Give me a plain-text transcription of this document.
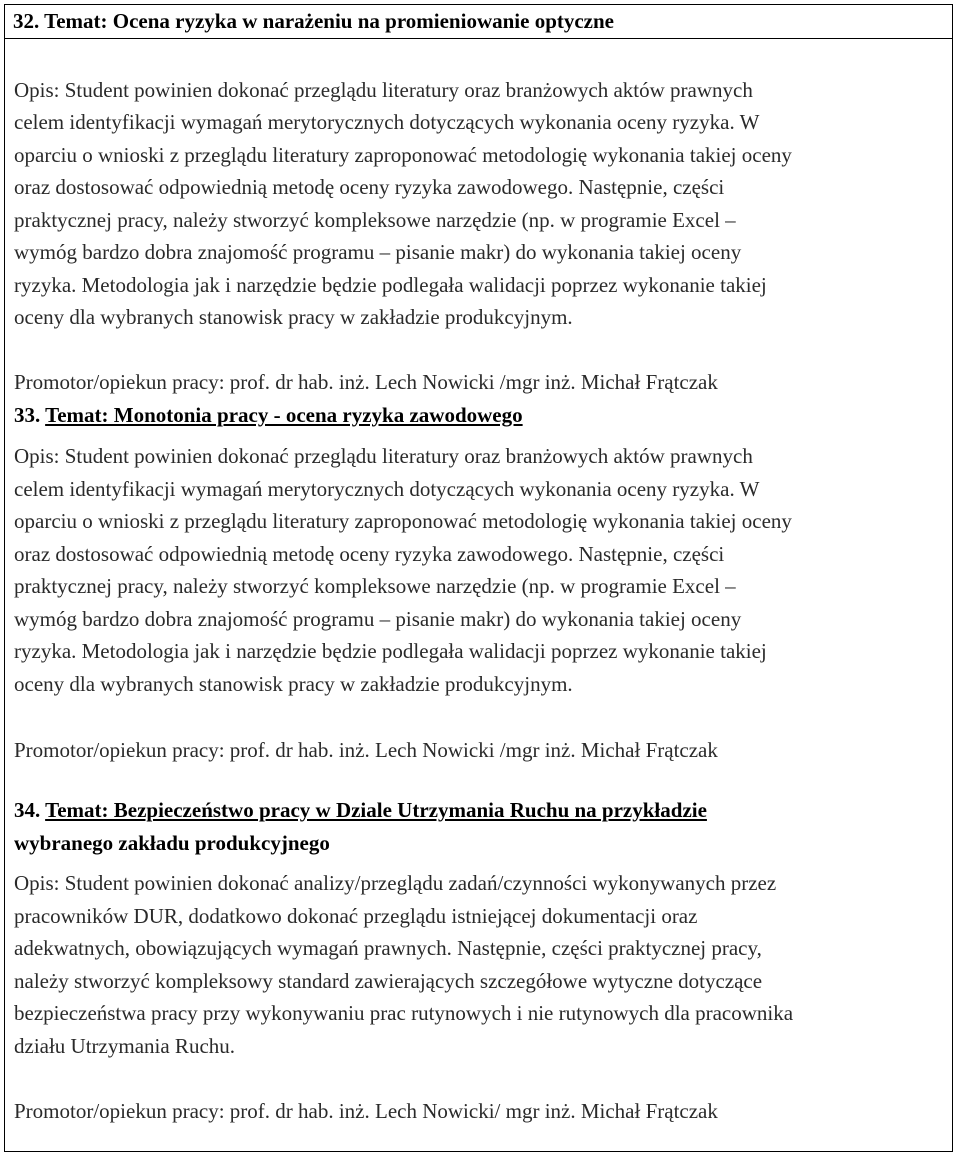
32. Temat: Ocena ryzyka w narażeniu na promieniowanie optyczne
Opis: Student powinien dokonać przeglądu literatury oraz branżowych aktów prawnych
celem identyfikacji wymagań merytorycznych dotyczących wykonania oceny ryzyka. W
oparciu o wnioski z przeglądu literatury zaproponować metodologię wykonania takiej oceny
oraz dostosować odpowiednią metodę oceny ryzyka zawodowego. Następnie, części
praktycznej pracy, należy stworzyć kompleksowe narzędzie (np. w programie Excel –
wymóg bardzo dobra znajomość programu – pisanie makr) do wykonania takiej oceny
ryzyka. Metodologia jak i narzędzie będzie podlegała walidacji poprzez wykonanie takiej
oceny dla wybranych stanowisk pracy w zakładzie produkcyjnym.
Promotor/opiekun pracy: prof. dr hab. inż. Lech Nowicki /mgr inż. Michał Frątczak
33. Temat: Monotonia pracy - ocena ryzyka zawodowego
Opis: Student powinien dokonać przeglądu literatury oraz branżowych aktów prawnych
celem identyfikacji wymagań merytorycznych dotyczących wykonania oceny ryzyka. W
oparciu o wnioski z przeglądu literatury zaproponować metodologię wykonania takiej oceny
oraz dostosować odpowiednią metodę oceny ryzyka zawodowego. Następnie, części
praktycznej pracy, należy stworzyć kompleksowe narzędzie (np. w programie Excel –
wymóg bardzo dobra znajomość programu – pisanie makr) do wykonania takiej oceny
ryzyka. Metodologia jak i narzędzie będzie podlegała walidacji poprzez wykonanie takiej
oceny dla wybranych stanowisk pracy w zakładzie produkcyjnym.
Promotor/opiekun pracy: prof. dr hab. inż. Lech Nowicki /mgr inż. Michał Frątczak
34. Temat: Bezpieczeństwo pracy w Dziale Utrzymania Ruchu na przykładzie
wybranego zakładu produkcyjnego
Opis: Student powinien dokonać analizy/przeglądu zadań/czynności wykonywanych przez
pracowników DUR, dodatkowo dokonać przeglądu istniejącej dokumentacji oraz
adekwatnych, obowiązujących wymagań prawnych. Następnie, części praktycznej pracy,
należy stworzyć kompleksowy standard zawierających szczegółowe wytyczne dotyczące
bezpieczeństwa pracy przy wykonywaniu prac rutynowych i nie rutynowych dla pracownika
działu Utrzymania Ruchu.
Promotor/opiekun pracy: prof. dr hab. inż. Lech Nowicki/ mgr inż. Michał Frątczak
